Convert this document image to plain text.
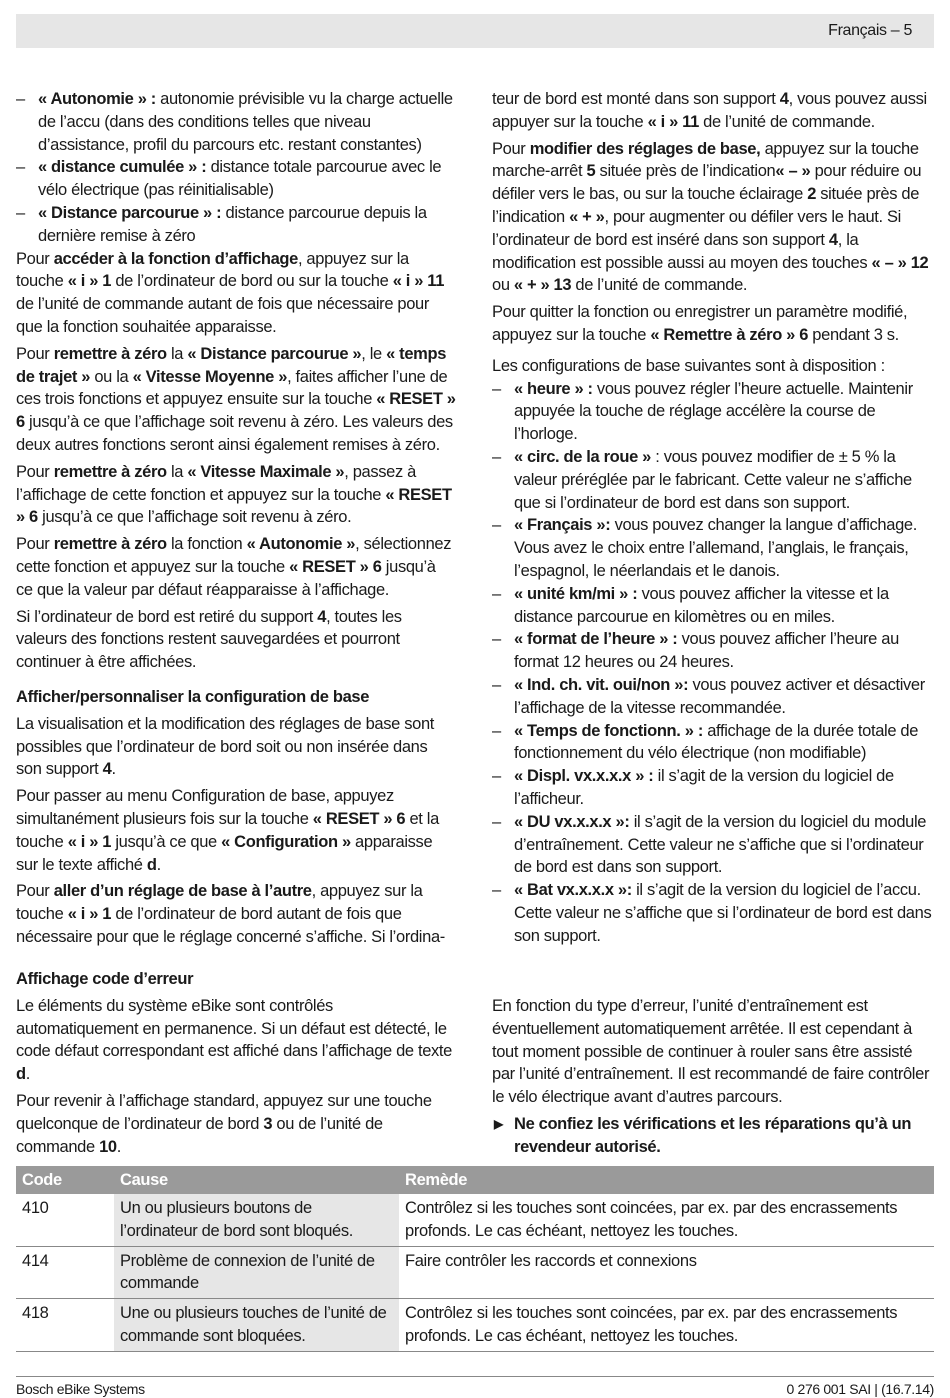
Français – 5

– « Autonomie » : autonomie prévisible vu la charge actuelle de l’accu (dans des conditions telles que niveau d’assistance, profil du parcours etc. restant constantes)

– « distance cumulée » : distance totale parcourue avec le vélo électrique (pas réinitialisable)

– « Distance parcourue » : distance parcourue depuis la dernière remise à zéro

Pour accéder à la fonction d’affichage, appuyez sur la touche « i » 1 de l’ordinateur de bord ou sur la touche « i » 11 de l’unité de commande autant de fois que nécessaire pour que la fonction souhaitée apparaisse.

Pour remettre à zéro la « Distance parcourue », le « temps de trajet » ou la « Vitesse Moyenne », faites afficher l’une de ces trois fonctions et appuyez ensuite sur la touche « RESET » 6 jusqu’à ce que l’affichage soit revenu à zéro. Les valeurs des deux autres fonctions seront ainsi également remises à zéro.

Pour remettre à zéro la « Vitesse Maximale », passez à l’affichage de cette fonction et appuyez sur la touche « RESET » 6 jusqu’à ce que l’affichage soit revenu à zéro.

Pour remettre à zéro la fonction « Autonomie », sélectionnez cette fonction et appuyez sur la touche « RESET » 6 jusqu’à ce que la valeur par défaut réapparaisse à l’affichage.

Si l’ordinateur de bord est retiré du support 4, toutes les valeurs des fonctions restent sauvegardées et pourront continuer à être affichées.

Afficher/personnaliser la configuration de base

La visualisation et la modification des réglages de base sont possibles que l’ordinateur de bord soit ou non insérée dans son support 4.

Pour passer au menu Configuration de base, appuyez simultanément plusieurs fois sur la touche « RESET » 6 et la touche « i » 1 jusqu’à ce que « Configuration » apparaisse sur le texte affiché d.

Pour aller d’un réglage de base à l’autre, appuyez sur la touche « i » 1 de l’ordinateur de bord autant de fois que nécessaire pour que le réglage concerné s’affiche. Si l’ordina-

teur de bord est monté dans son support 4, vous pouvez aussi appuyer sur la touche « i » 11 de l’unité de commande.

Pour modifier des réglages de base, appuyez sur la touche marche-arrêt 5 située près de l’indication« – » pour réduire ou défiler vers le bas, ou sur la touche éclairage 2 située près de l’indication « + », pour augmenter ou défiler vers le haut. Si l’ordinateur de bord est inséré dans son support 4, la modification est possible aussi au moyen des touches « – » 12 ou « + » 13 de l’unité de commande.

Pour quitter la fonction ou enregistrer un paramètre modifié, appuyez sur la touche « Remettre à zéro » 6 pendant 3 s.

Les configurations de base suivantes sont à disposition :

– « heure » : vous pouvez régler l’heure actuelle. Maintenir appuyée la touche de réglage accélère la course de l’horloge.

– « circ. de la roue » : vous pouvez modifier de ± 5 % la valeur préréglée par le fabricant. Cette valeur ne s’affiche que si l’ordinateur de bord est dans son support.

– « Français »: vous pouvez changer la langue d’affichage. Vous avez le choix entre l’allemand, l’anglais, le français, l’espagnol, le néerlandais et le danois.

– « unité km/mi » : vous pouvez afficher la vitesse et la distance parcourue en kilomètres ou en miles.

– « format de l’heure » : vous pouvez afficher l’heure au format 12 heures ou 24 heures.

– « Ind. ch. vit. oui/non »: vous pouvez activer et désactiver l’affichage de la vitesse recommandée.

– « Temps de fonctionn. » : affichage de la durée totale de fonctionnement du vélo électrique (non modifiable)

– « Displ. vx.x.x.x » : il s’agit de la version du logiciel de l’afficheur.

– « DU vx.x.x.x »: il s’agit de la version du logiciel du module d’entraînement. Cette valeur ne s’affiche que si l’ordinateur de bord est dans son support.

– « Bat vx.x.x.x »: il s’agit de la version du logiciel de l’accu. Cette valeur ne s’affiche que si l’ordinateur de bord est dans son support.

Affichage code d’erreur

Le éléments du système eBike sont contrôlés automatiquement en permanence. Si un défaut est détecté, le code défaut correspondant est affiché dans l’affichage de texte d.

Pour revenir à l’affichage standard, appuyez sur une touche quelconque de l’ordinateur de bord 3 ou de l’unité de commande 10.

En fonction du type d’erreur, l’unité d’entraînement est éventuellement automatiquement arrêtée. Il est cependant à tout moment possible de continuer à rouler sans être assisté par l’unité d’entraînement. Il est recommandé de faire contrôler le vélo électrique avant d’autres parcours.

▶ Ne confiez les vérifications et les réparations qu’à un revendeur autorisé.

Code	Cause	Remède
410	Un ou plusieurs boutons de l’ordinateur de bord sont bloqués.	Contrôlez si les touches sont coincées, par ex. par des encrassements profonds. Le cas échéant, nettoyez les touches.
414	Problème de connexion de l’unité de commande	Faire contrôler les raccords et connexions
418	Une ou plusieurs touches de l’unité de commande sont bloquées.	Contrôlez si les touches sont coincées, par ex. par des encrassements profonds. Le cas échéant, nettoyez les touches.
Bosch eBike Systems	0 276 001 SAI | (16.7.14)
